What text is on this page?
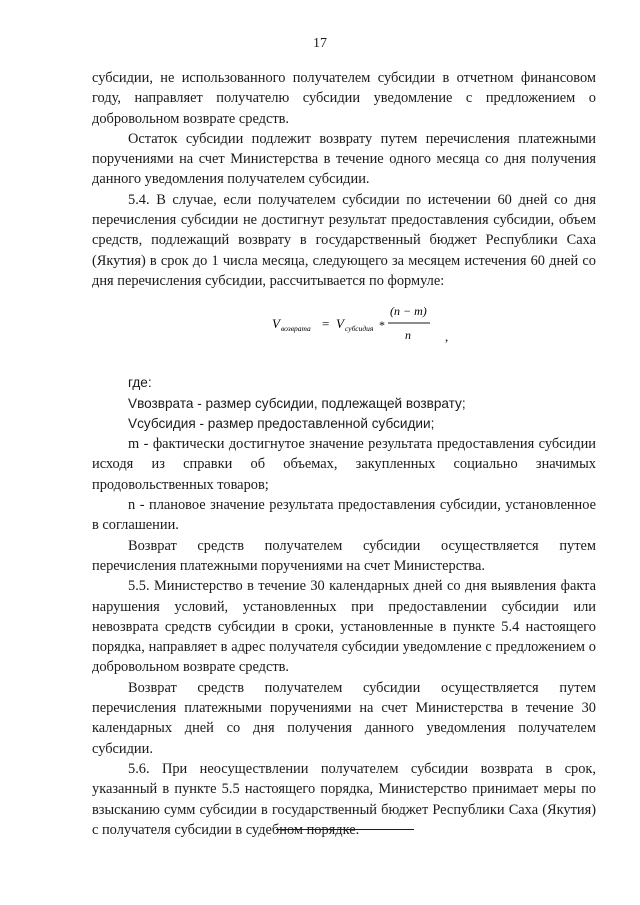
17

субсидии, не использованного получателем субсидии в отчетном финансовом году, направляет получателю субсидии уведомление с предложением о добровольном возврате средств.

Остаток субсидии подлежит возврату путем перечисления платежными поручениями на счет Министерства в течение одного месяца со дня получения данного уведомления получателем субсидии.

5.4. В случае, если получателем субсидии по истечении 60 дней со дня перечисления субсидии не достигнут результат предоставления субсидии, объем средств, подлежащий возврату в государственный бюджет Республики Саха (Якутия) в срок до 1 числа месяца, следующего за месяцем истечения 60 дней со дня перечисления субсидии, рассчитывается по формуле:

V возврата = V субсидия *
(n − m)
n	,

где:

Vвозврата - размер субсидии, подлежащей возврату;

Vсубсидия - размер предоставленной субсидии;

m - фактически достигнутое значение результата предоставления субсидии исходя из справки об объемах, закупленных социально значимых продовольственных товаров;

n - плановое значение результата предоставления субсидии, установленное в соглашении.

Возврат средств получателем субсидии осуществляется путем перечисления платежными поручениями на счет Министерства.

5.5. Министерство в течение 30 календарных дней со дня выявления факта нарушения условий, установленных при предоставлении субсидии или невозврата средств субсидии в сроки, установленные в пункте 5.4 настоящего порядка, направляет в адрес получателя субсидии уведомление с предложением о добровольном возврате средств.

Возврат средств получателем субсидии осуществляется путем перечисления платежными поручениями на счет Министерства в течение 30 календарных дней со дня получения данного уведомления получателем субсидии.

5.6. При неосуществлении получателем субсидии возврата в срок, указанный в пункте 5.5 настоящего порядка, Министерство принимает меры по взысканию сумм субсидии в государственный бюджет Республики Саха (Якутия) с получателя субсидии в судебном порядке.
